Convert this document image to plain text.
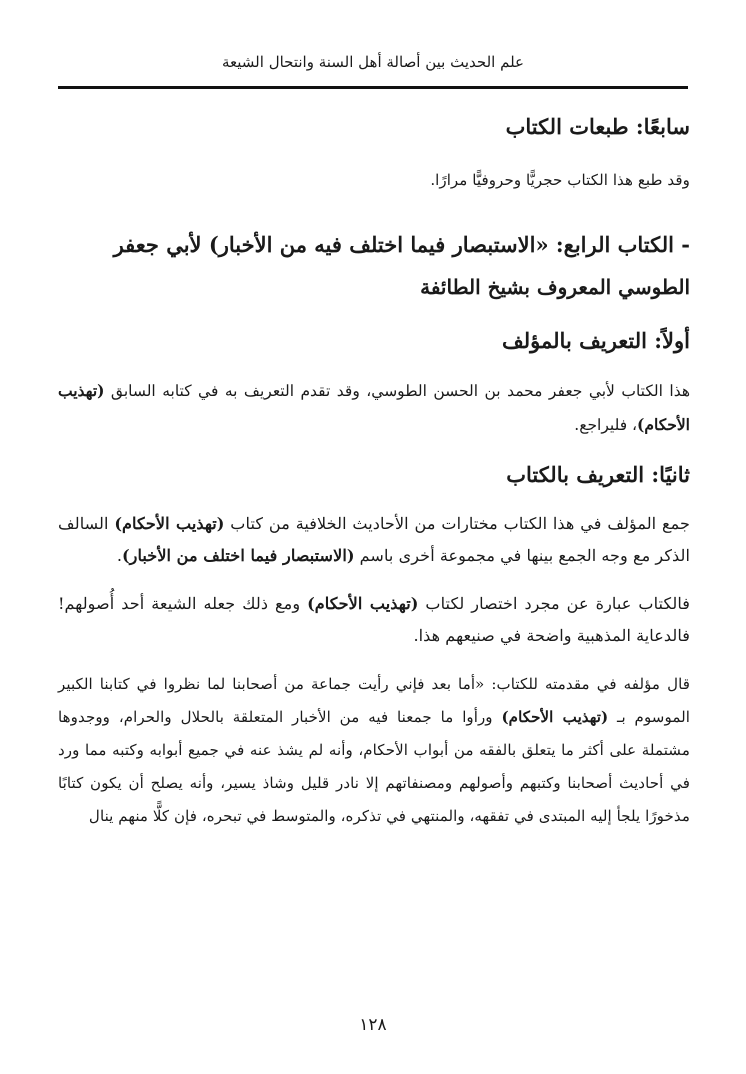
علم الحديث بين أصالة أهل السنة وانتحال الشيعة
سابعًا: طبعات الكتاب

وقد طبع هذا الكتاب حجريًّا وحروفيًّا مرارًا.

- الكتاب الرابع: «الاستبصار فيما اختلف فيه من الأخبار) لأبي جعفر

الطوسي المعروف بشيخ الطائفة

أولاً: التعريف بالمؤلف

هذا الكتاب لأبي جعفر محمد بن الحسن الطوسي، وقد تقدم التعريف به في كتابه السابق (تهذيب الأحكام)، فليراجع.

ثانيًا: التعريف بالكتاب

جمع المؤلف في هذا الكتاب مختارات من الأحاديث الخلافية من كتاب (تهذيب الأحكام) السالف الذكر مع وجه الجمع بينها في مجموعة أخرى باسم (الاستبصار فيما اختلف من الأخبار).

فالكتاب عبارة عن مجرد اختصار لكتاب (تهذيب الأحكام) ومع ذلك جعله الشيعة أحد أُصولهم! فالدعاية المذهبية واضحة في صنيعهم هذا.

قال مؤلفه في مقدمته للكتاب: «أما بعد فإني رأيت جماعة من أصحابنا لما نظروا في كتابنا الكبير الموسوم بـ (تهذيب الأحكام) ورأوا ما جمعنا فيه من الأخبار المتعلقة بالحلال والحرام، ووجدوها مشتملة على أكثر ما يتعلق بالفقه من أبواب الأحكام، وأنه لم يشذ عنه في جميع أبوابه وكتبه مما ورد في أحاديث أصحابنا وكتبهم وأصولهم ومصنفاتهم إلا نادر قليل وشاذ يسير، وأنه يصلح أن يكون كتابًا مذخورًا يلجأ إليه المبتدى في تفقهه، والمنتهي في تذكره، والمتوسط في تبحره، فإن كلًّا منهم ينال

١٢٨
